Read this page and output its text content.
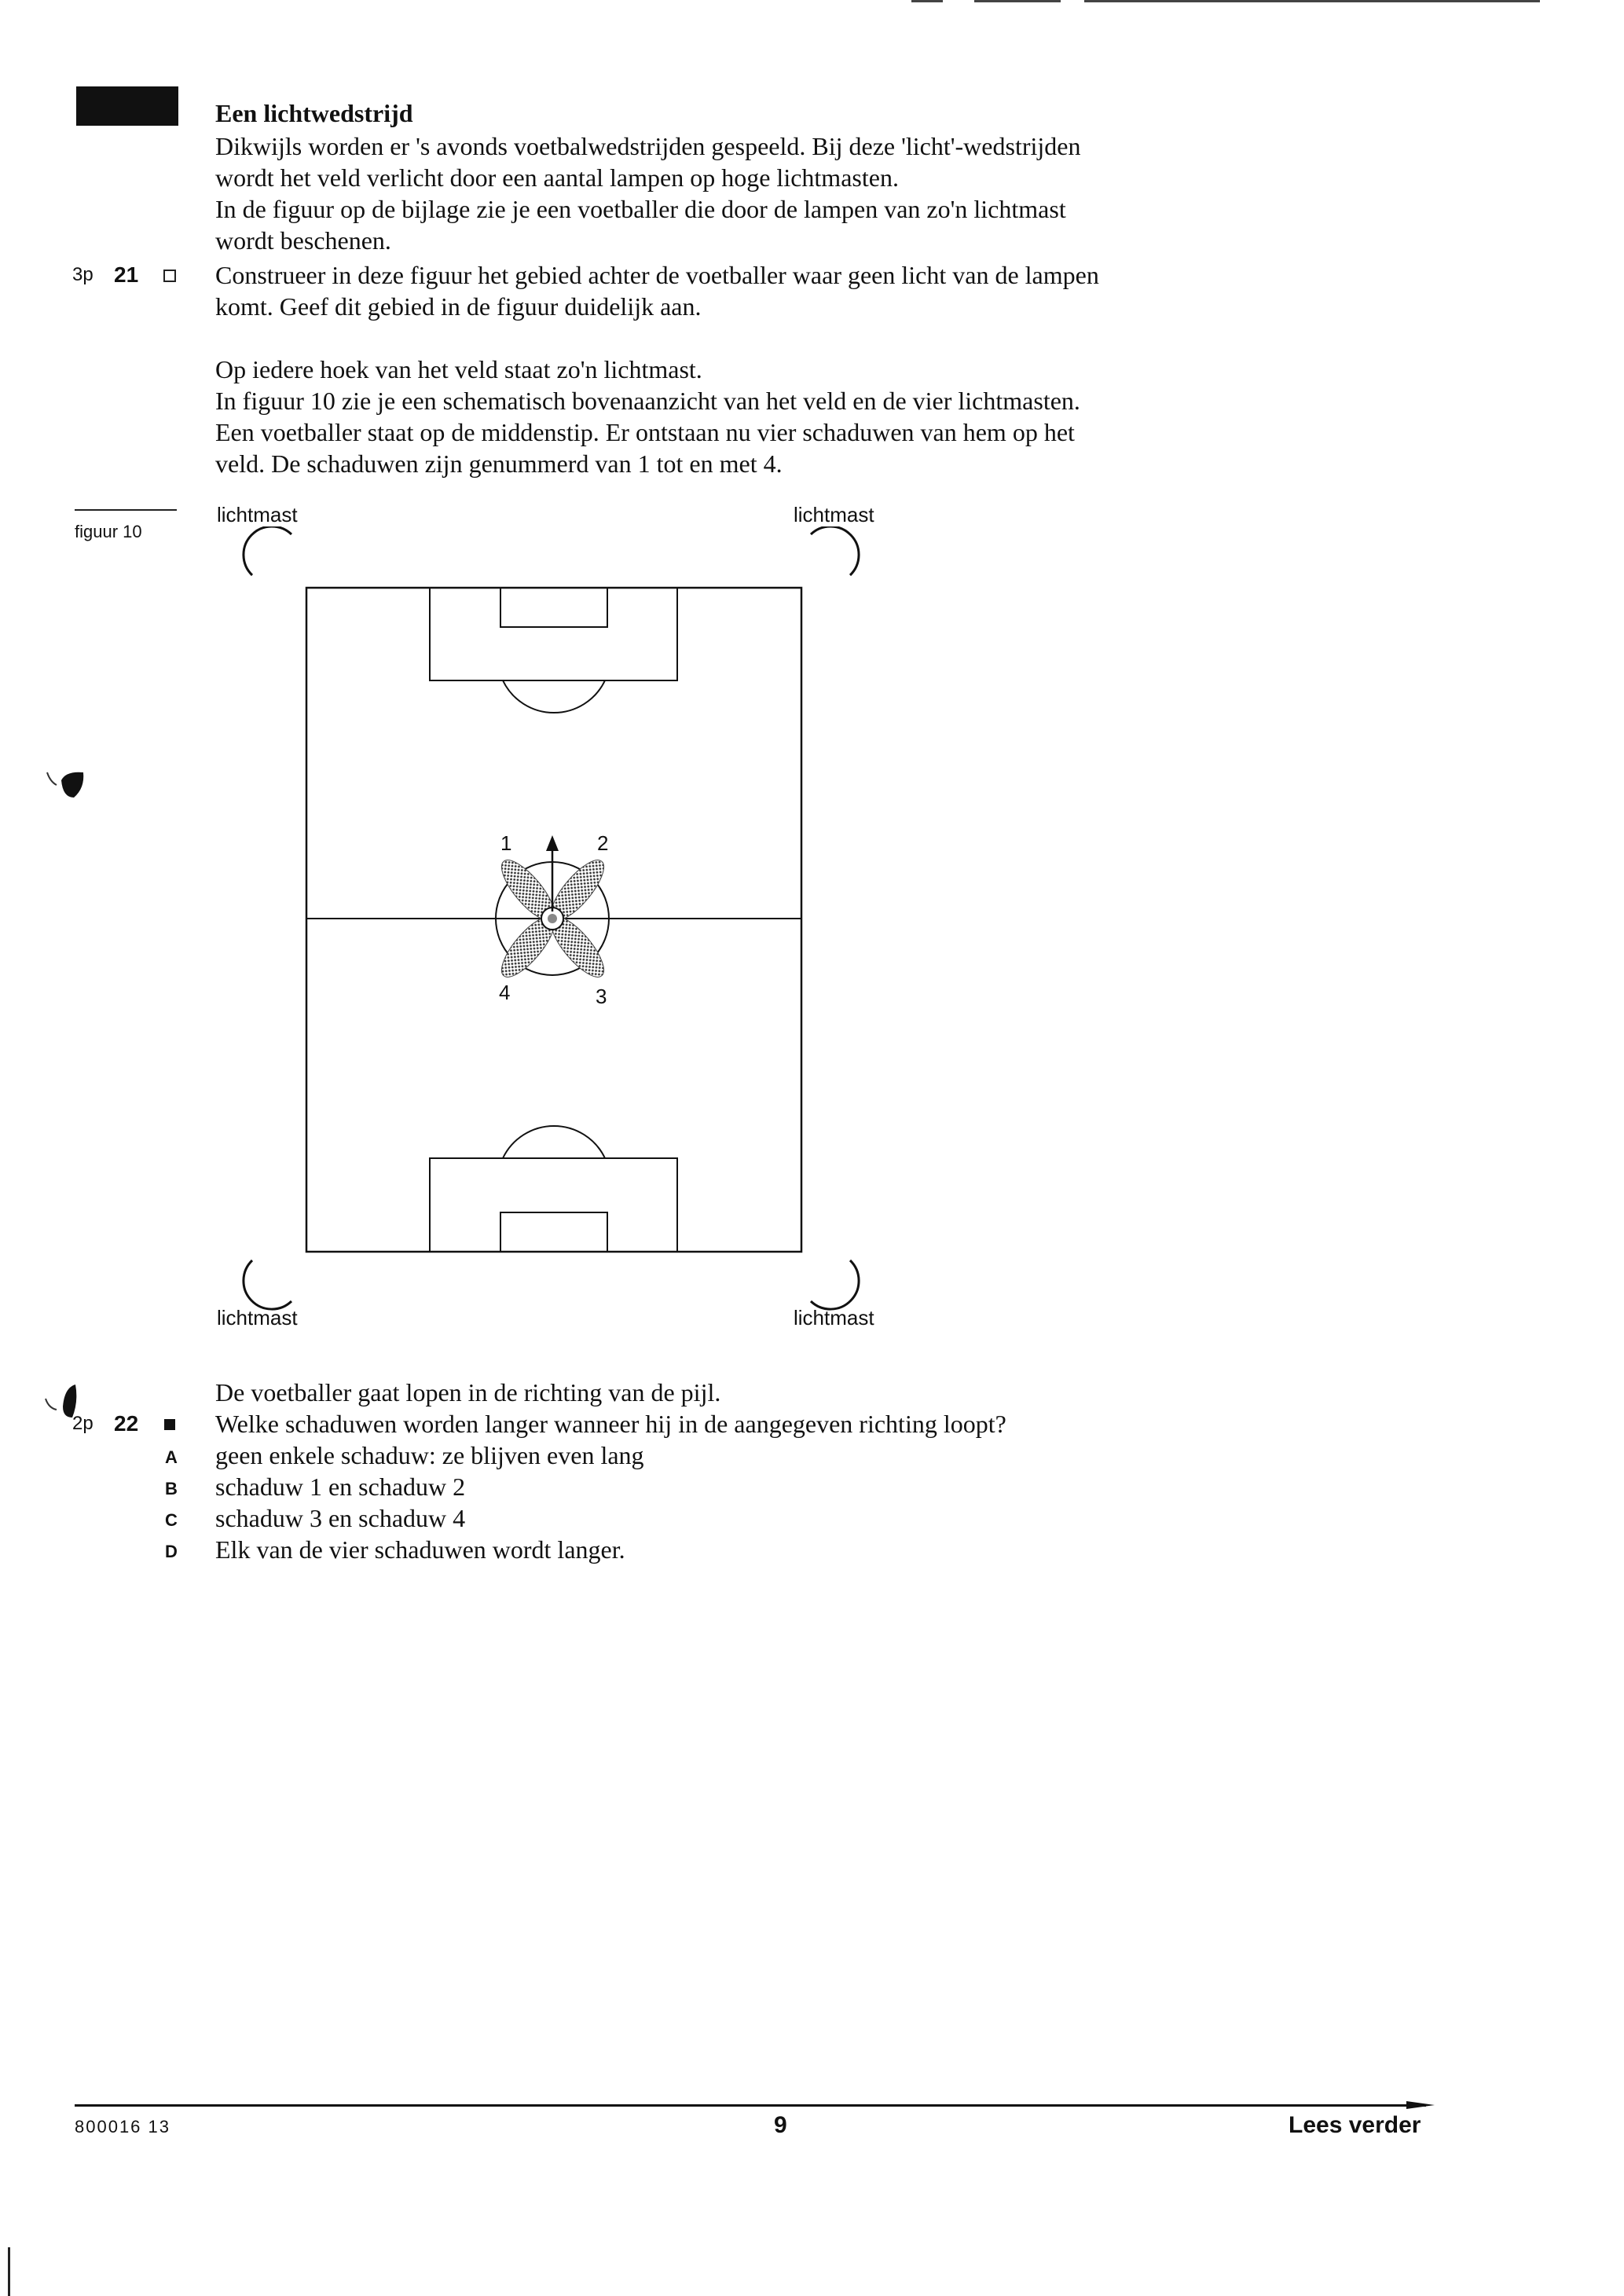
Een lichtwedstrijd
Dikwijls worden er 's avonds voetbalwedstrijden gespeeld. Bij deze 'licht'-wedstrijden
wordt het veld verlicht door een aantal lampen op hoge lichtmasten.
In de figuur op de bijlage zie je een voetballer die door de lampen van zo'n lichtmast
wordt beschenen.
3p 21	Construeer in deze figuur het gebied achter de voetballer waar geen licht van de lampen
komt. Geef dit gebied in de figuur duidelijk aan.
Op iedere hoek van het veld staat zo'n lichtmast.
In figuur 10 zie je een schematisch bovenaanzicht van het veld en de vier lichtmasten.
Een voetballer staat op de middenstip. Er ontstaan nu vier schaduwen van hem op het
veld. De schaduwen zijn genummerd van 1 tot en met 4.
figuur 10
lichtmast	lichtmast
lichtmast	lichtmast
1	2
3
4
De voetballer gaat lopen in de richting van de pijl.
2p 22	Welke schaduwen worden langer wanneer hij in de aangegeven richting loopt?
A geen enkele schaduw: ze blijven even lang
B schaduw 1 en schaduw 2
C schaduw 3 en schaduw 4
D Elk van de vier schaduwen wordt langer.
800016 13	9	Lees verder
